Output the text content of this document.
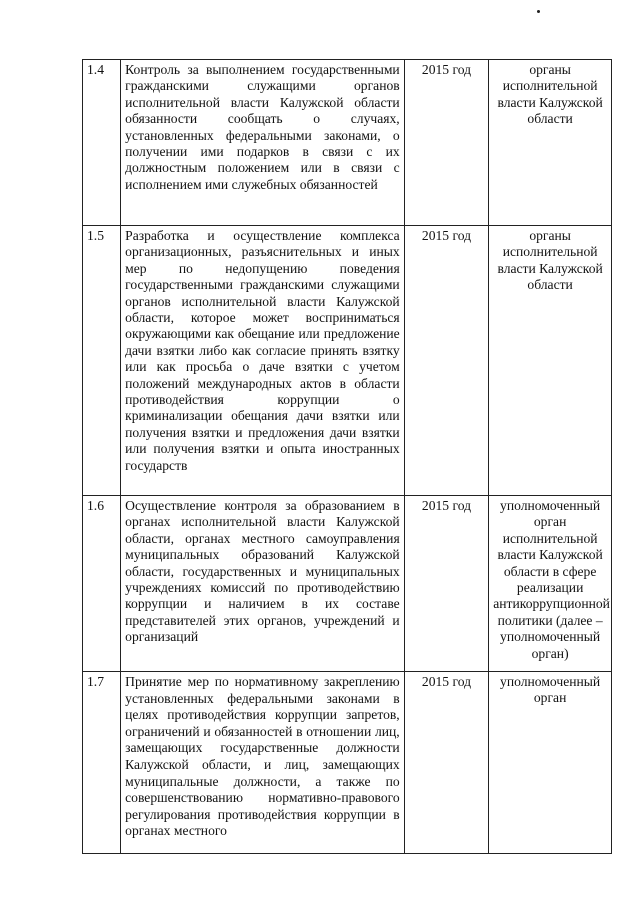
1.4	Контроль за выполнением государственными гражданскими служащими органов исполнительной власти Калужской области обязанности сообщать о случаях, установленных федеральными законами, о получении ими подарков в связи с их должностным положением или в связи с исполнением ими служебных обязанностей	2015 год	органы исполнительной власти Калужской области
1.5	Разработка и осуществление комплекса организационных, разъяснительных и иных мер по недопущению поведения государственными гражданскими служащими органов исполнительной власти Калужской области, которое может восприниматься окружающими как обещание или предложение дачи взятки либо как согласие принять взятку или как просьба о даче взятки с учетом положений международных актов в области противодействия коррупции о криминализации обещания дачи взятки или получения взятки и предложения дачи взятки или получения взятки и опыта иностранных государств	2015 год	органы исполнительной власти Калужской области
1.6	Осуществление контроля за образованием в органах исполнительной власти Калужской области, органах местного самоуправления муниципальных образований Калужской области, государственных и муниципальных учреждениях комиссий по противодействию коррупции и наличием в их составе представителей этих органов, учреждений и организаций	2015 год	уполномоченный орган исполнительной власти Калужской области в сфере реализации антикоррупционной политики (далее – уполномоченный орган)
1.7	Принятие мер по нормативному закреплению установленных федеральными законами в целях противодействия коррупции запретов, ограничений и обязанностей в отношении лиц, замещающих государственные должности Калужской области, и лиц, замещающих муниципальные должности, а также по совершенствованию нормативно-правового регулирования противодействия коррупции в органах местного	2015 год	уполномоченный орган
